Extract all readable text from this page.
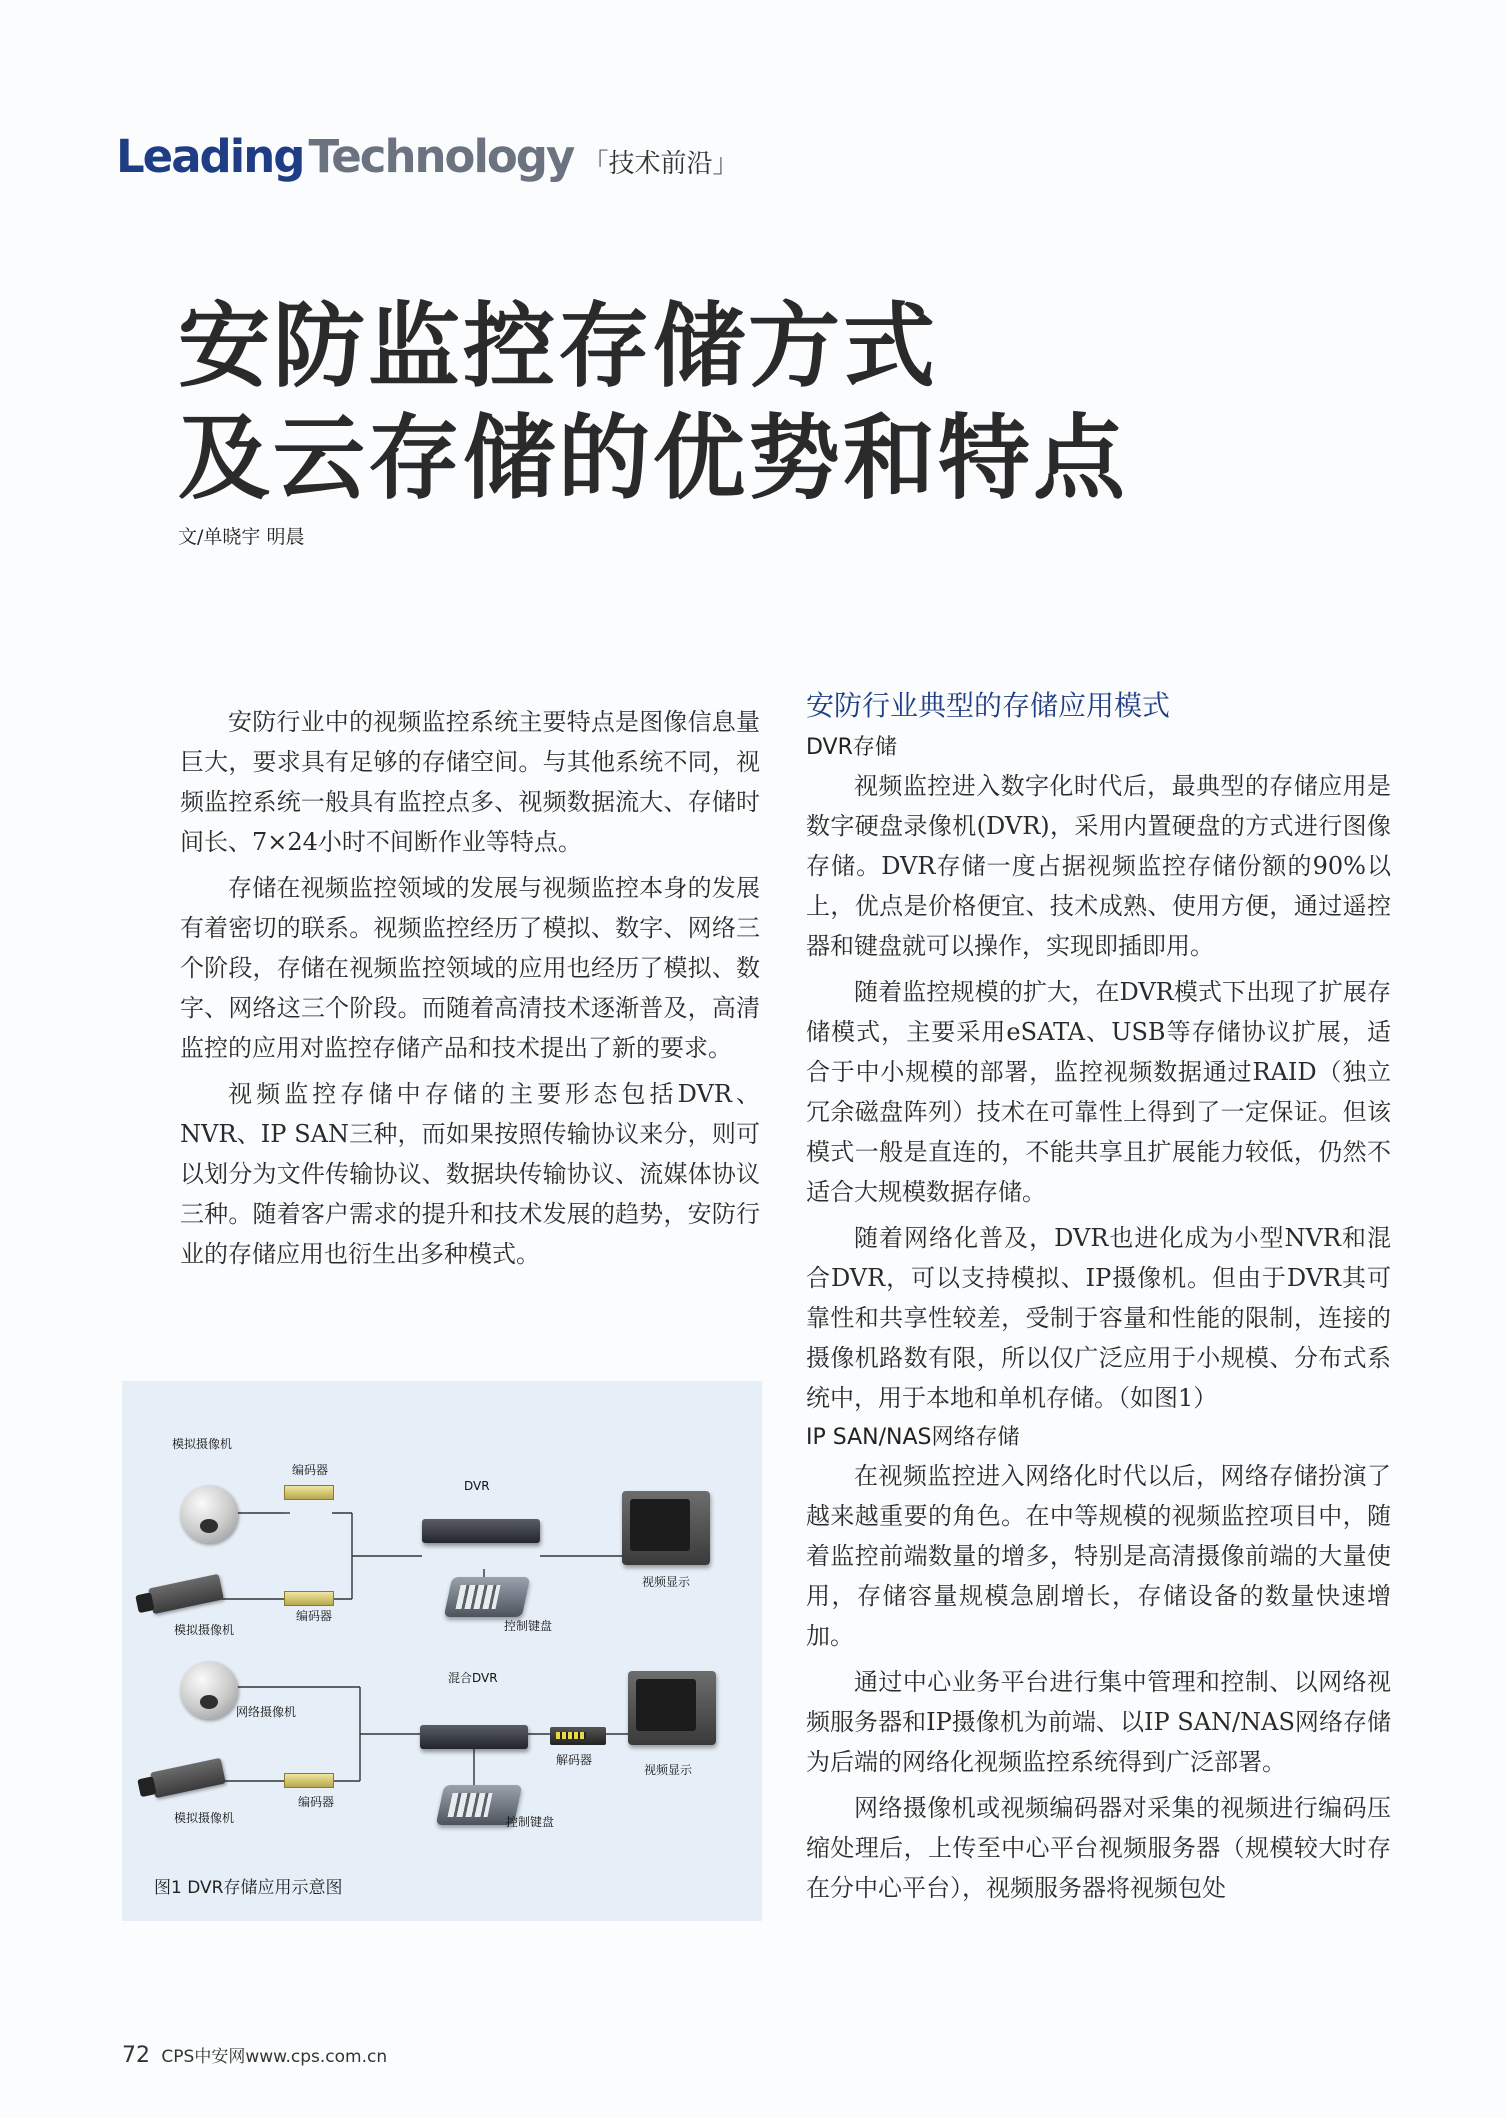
Leading Technology 「技术前沿」
安防监控存储方式
及云存储的优势和特点
文/单晓宇 明晨

安防行业中的视频监控系统主要特点是图像信息量巨大，要求具有足够的存储空间。与其他系统不同，视频监控系统一般具有监控点多、视频数据流大、存储时间长、7×24小时不间断作业等特点。

存储在视频监控领域的发展与视频监控本身的发展有着密切的联系。视频监控经历了模拟、数字、网络三个阶段，存储在视频监控领域的应用也经历了模拟、数字、网络这三个阶段。而随着高清技术逐渐普及，高清监控的应用对监控存储产品和技术提出了新的要求。

视频监控存储中存储的主要形态包括DVR、NVR、IP SAN三种，而如果按照传输协议来分，则可以划分为文件传输协议、数据块传输协议、流媒体协议三种。随着客户需求的提升和技术发展的趋势，安防行业的存储应用也衍生出多种模式。

安防行业典型的存储应用模式
DVR存储

视频监控进入数字化时代后，最典型的存储应用是数字硬盘录像机(DVR)，采用内置硬盘的方式进行图像存储。DVR存储一度占据视频监控存储份额的90%以上，优点是价格便宜、技术成熟、使用方便，通过遥控器和键盘就可以操作，实现即插即用。

随着监控规模的扩大，在DVR模式下出现了扩展存储模式，主要采用eSATA、USB等存储协议扩展，适合于中小规模的部署，监控视频数据通过RAID（独立冗余磁盘阵列）技术在可靠性上得到了一定保证。但该模式一般是直连的，不能共享且扩展能力较低，仍然不适合大规模数据存储。

随着网络化普及，DVR也进化成为小型NVR和混合DVR，可以支持模拟、IP摄像机。但由于DVR其可靠性和共享性较差，受制于容量和性能的限制，连接的摄像机路数有限，所以仅广泛应用于小规模、分布式系统中，用于本地和单机存储。（如图1）

IP SAN/NAS网络存储

在视频监控进入网络化时代以后，网络存储扮演了越来越重要的角色。在中等规模的视频监控项目中，随着监控前端数量的增多，特别是高清摄像前端的大量使用，存储容量规模急剧增长，存储设备的数量快速增加。

通过中心业务平台进行集中管理和控制、以网络视频服务器和IP摄像机为前端、以IP SAN/NAS网络存储为后端的网络化视频监控系统得到广泛部署。

网络摄像机或视频编码器对采集的视频进行编码压缩处理后，上传至中心平台视频服务器（规模较大时存在分中心平台），视频服务器将视频包处

模拟摄像机
编码器
DVR
视频显示
控制键盘
编码器
模拟摄像机
混合DVR
网络摄像机
解码器
视频显示
编码器
模拟摄像机	控制键盘
图1 DVR存储应用示意图
72 CPS中安网www.cps.com.cn
